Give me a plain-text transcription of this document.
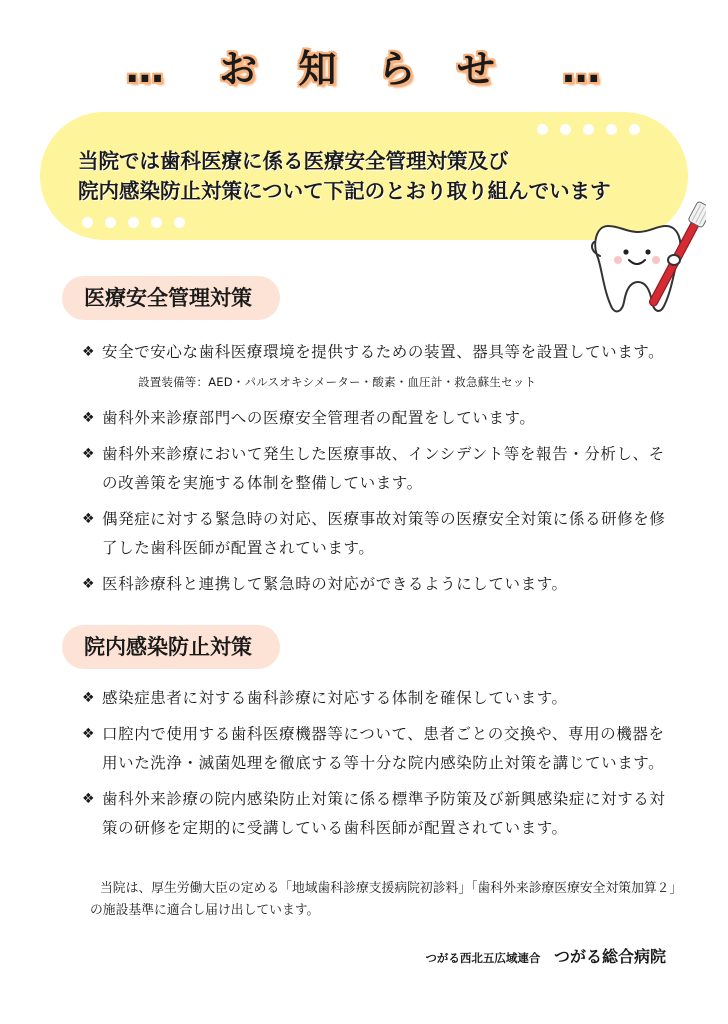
… お 知 ら せ …
当院では歯科医療に係る医療安全管理対策及び
院内感染防止対策について下記のとおり取り組んでいます
医療安全管理対策
❖ 安全で安心な歯科医療環境を提供するための装置、器具等を設置しています。 設置装備等：AED・パルスオキシメーター・酸素・血圧計・救急蘇生セット
❖ 歯科外来診療部門への医療安全管理者の配置をしています。
❖ 歯科外来診療において発生した医療事故、インシデント等を報告・分析し、その改善策を実施する体制を整備しています。
❖ 偶発症に対する緊急時の対応、医療事故対策等の医療安全対策に係る研修を修了した歯科医師が配置されています。
❖ 医科診療科と連携して緊急時の対応ができるようにしています。
院内感染防止対策
❖ 感染症患者に対する歯科診療に対応する体制を確保しています。
❖ 口腔内で使用する歯科医療機器等について、患者ごとの交換や、専用の機器を用いた洗浄・滅菌処理を徹底する等十分な院内感染防止対策を講じています。
❖ 歯科外来診療の院内感染防止対策に係る標準予防策及び新興感染症に対する対策の研修を定期的に受講している歯科医師が配置されています。
当院は、厚生労働大臣の定める「地域歯科診療支援病院初診料」「歯科外来診療医療安全対策加算２」の施設基準に適合し届け出しています。
つがる西北五広域連合 つがる総合病院
